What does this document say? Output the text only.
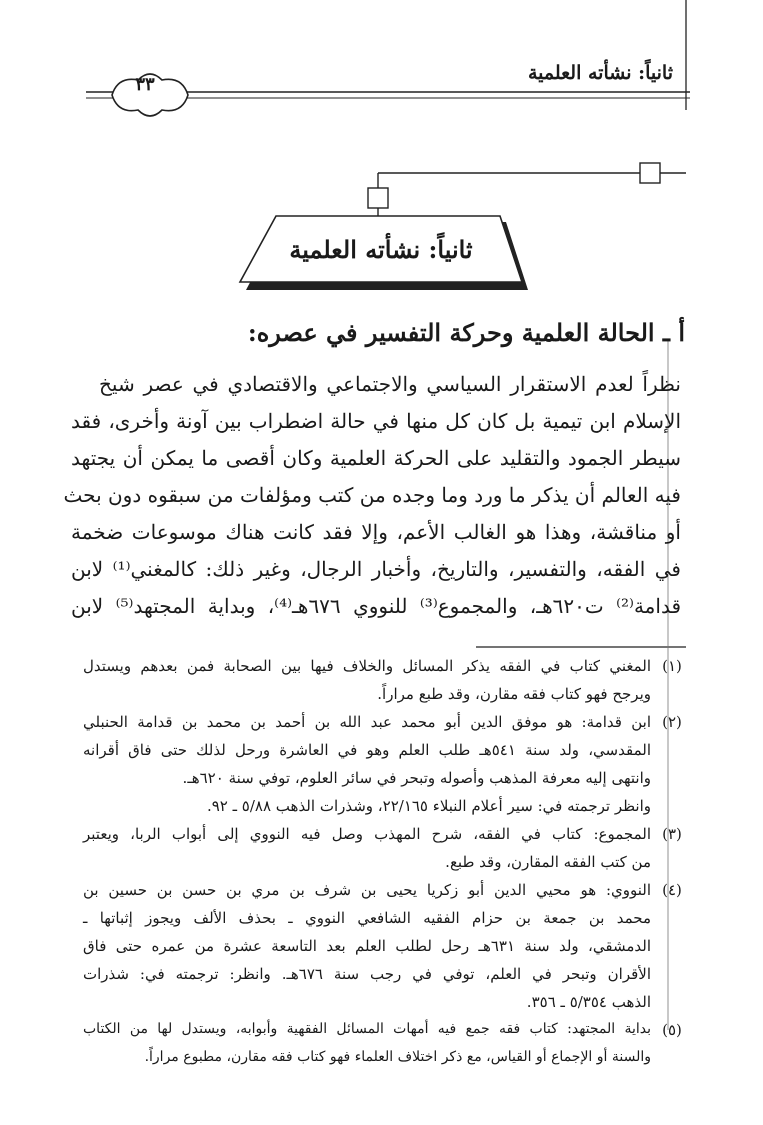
ثانياً: نشأته العلمية
٣٣
ثانياً: نشأته العلمية
أ ـ الحالة العلمية وحركة التفسير في عصره:
نظراً لعدم الاستقرار السياسي والاجتماعي والاقتصادي في عصر شيخ
الإسلام ابن تيمية بل كان كل منها في حالة اضطراب بين آونة وأخرى، فقد
سيطر الجمود والتقليد على الحركة العلمية وكان أقصى ما يمكن أن يجتهد
فيه العالم أن يذكر ما ورد وما وجده من كتب ومؤلفات من سبقوه دون بحث
أو مناقشة، وهذا هو الغالب الأعم، وإلا فقد كانت هناك موسوعات ضخمة
في الفقه، والتفسير، والتاريخ، وأخبار الرجال، وغير ذلك: كالمغني⁽¹⁾ لابن
قدامة⁽²⁾ ت٦٢٠هـ، والمجموع⁽³⁾ للنووي ٦٧٦هـ⁽⁴⁾، وبداية المجتهد⁽⁵⁾ لابن
(١)
المغني كتاب في الفقه يذكر المسائل والخلاف فيها بين الصحابة فمن بعدهم ويستدل
ويرجح فهو كتاب فقه مقارن، وقد طبع مراراً.
(٢)
ابن قدامة: هو موفق الدين أبو محمد عبد الله بن أحمد بن محمد بن قدامة الحنبلي
المقدسي، ولد سنة ٥٤١هـ طلب العلم وهو في العاشرة ورحل لذلك حتى فاق أقرانه
وانتهى إليه معرفة المذهب وأصوله وتبحر في سائر العلوم، توفي سنة ٦٢٠هـ.
وانظر ترجمته في: سير أعلام النبلاء ٢٢/١٦٥، وشذرات الذهب ٥/٨٨ ـ ٩٢.
(٣)
المجموع: كتاب في الفقه، شرح المهذب وصل فيه النووي إلى أبواب الربا، ويعتبر
من كتب الفقه المقارن، وقد طبع.
(٤)
النووي: هو محيي الدين أبو زكريا يحيى بن شرف بن مري بن حسن بن حسين بن
محمد بن جمعة بن حزام الفقيه الشافعي النووي ـ بحذف الألف ويجوز إثباتها ـ
الدمشقي، ولد سنة ٦٣١هـ رحل لطلب العلم بعد التاسعة عشرة من عمره حتى فاق
الأقران وتبحر في العلم، توفي في رجب سنة ٦٧٦هـ. وانظر: ترجمته في: شذرات
الذهب ٥/٣٥٤ ـ ٣٥٦.
(٥)
بداية المجتهد: كتاب فقه جمع فيه أمهات المسائل الفقهية وأبوابه، ويستدل لها من الكتاب
والسنة أو الإجماع أو القياس، مع ذكر اختلاف العلماء فهو كتاب فقه مقارن، مطبوع مراراً.
